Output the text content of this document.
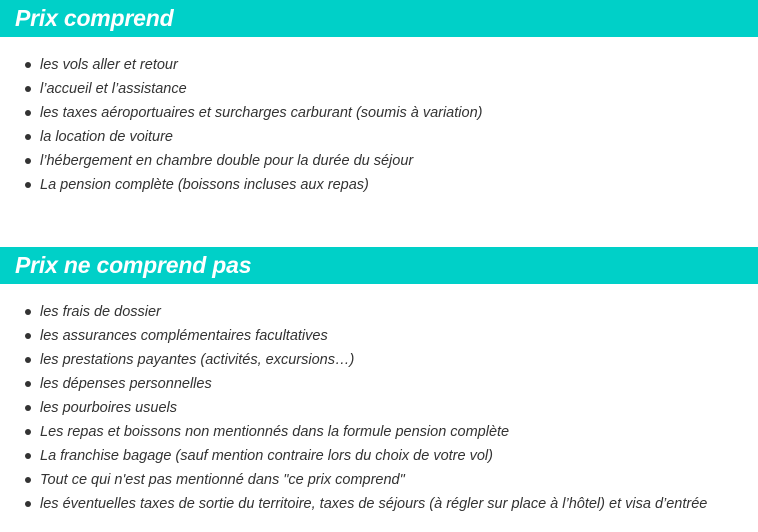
Prix comprend
les vols aller et retour
l’accueil et l’assistance
les taxes aéroportuaires et surcharges carburant (soumis à variation)
la location de voiture
l’hébergement en chambre double pour la durée du séjour
La pension complète (boissons incluses aux repas)
Prix ne comprend pas
les frais de dossier
les assurances complémentaires facultatives
les prestations payantes (activités, excursions…)
les dépenses personnelles
les pourboires usuels
Les repas et boissons non mentionnés dans la formule pension complète
La franchise bagage (sauf mention contraire lors du choix de votre vol)
Tout ce qui n'est pas mentionné dans "ce prix comprend"
les éventuelles taxes de sortie du territoire, taxes de séjours (à régler sur place à l’hôtel) et visa d’entrée
